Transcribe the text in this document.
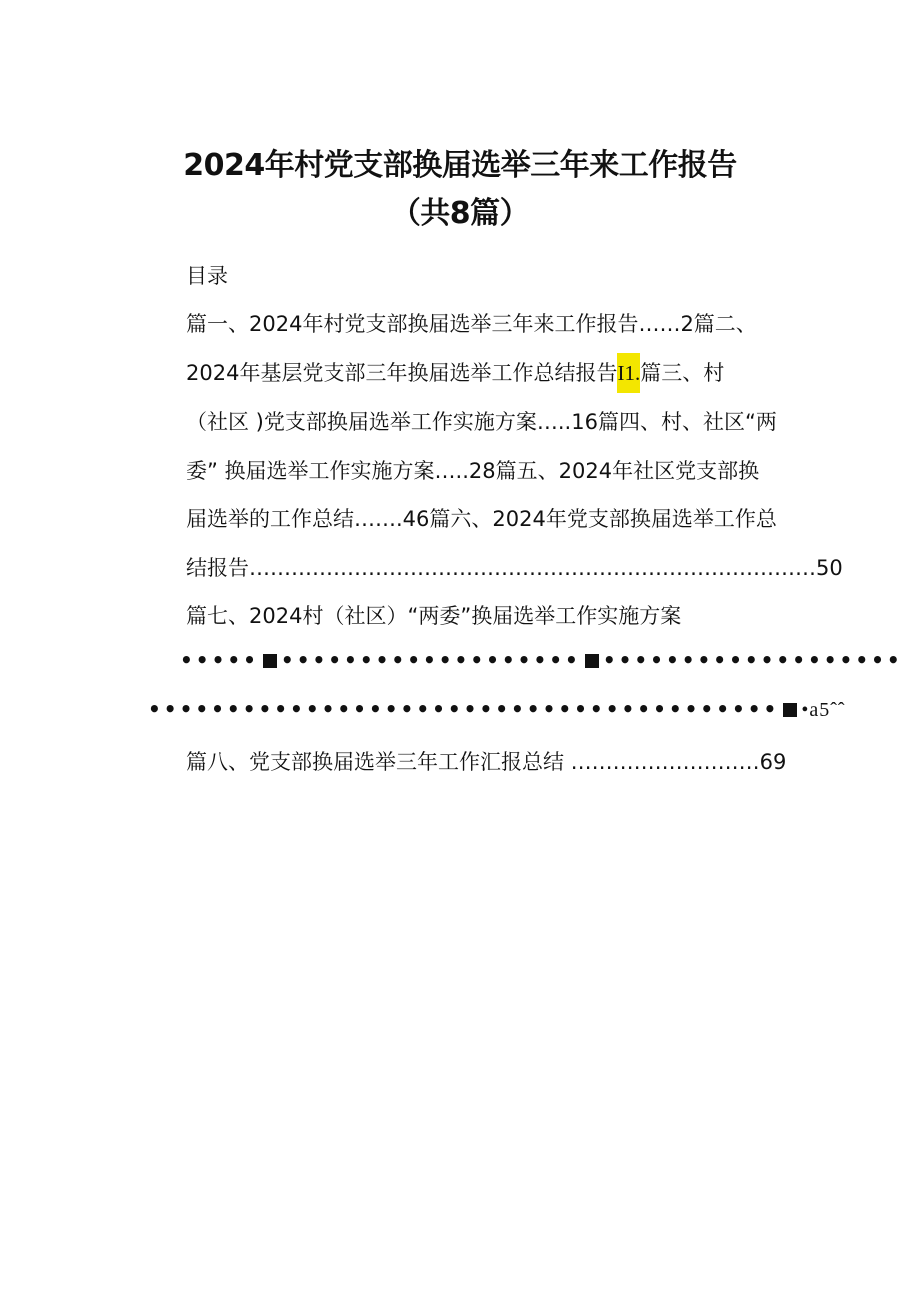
2024年村党支部换届选举三年来工作报告
（共8篇）
目录
篇一、2024年村党支部换届选举三年来工作报告……2篇二、
2024年基层党支部三年换届选举工作总结报告I1.篇三、村
（社区 )党支部换届选举工作实施方案…..16篇四、村、社区“两
委” 换届选举工作实施方案…..28篇五、2024年社区党支部换
届选举的工作总结…….46篇六、2024年党支部换届选举工作总
结报告………………………………………………………………………50
篇七、2024村（社区）“两委”换届选举工作实施方案
••••• ••••••••••••••••••• •••••••••••••••••••
•••••••••••••••••••••••••••••••••••••••• •a5ˆˆ
篇八、党支部换届选举三年工作汇报总结 ………………………69
